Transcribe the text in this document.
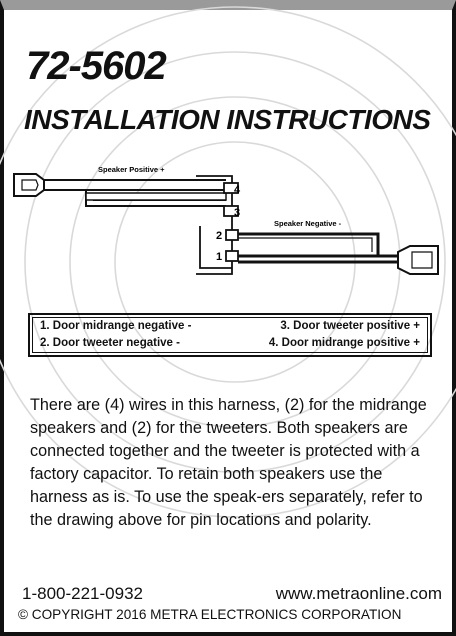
72-5602
INSTALLATION INSTRUCTIONS
4
3
2
1
Speaker Positive +
Speaker Negative -
1. Door midrange negative -	3. Door tweeter positive +
2. Door tweeter negative -	4. Door midrange positive +

There are (4) wires in this harness, (2) for the midrange speakers and (2) for the tweeters. Both speakers are connected together and the tweeter is protected with a factory capacitor. To retain both speakers use the harness as is. To use the speak-ers separately, refer to the drawing above for pin locations and polarity.

1-800-221-0932	www.metraonline.com
© COPYRIGHT 2016 METRA ELECTRONICS CORPORATION
